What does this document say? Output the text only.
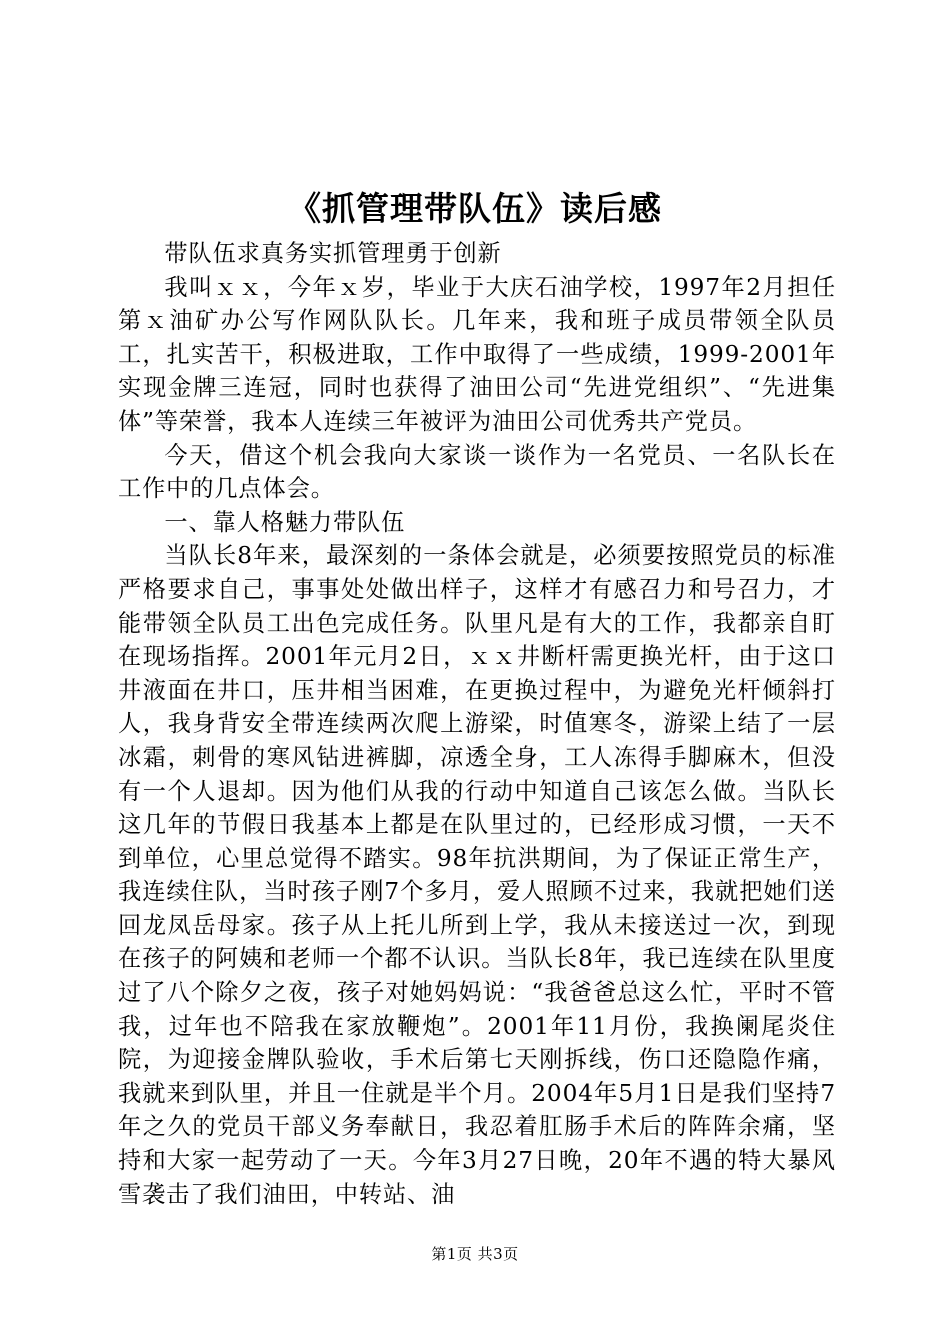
《抓管理带队伍》读后感

带队伍求真务实抓管理勇于创新

我叫ｘｘ，今年ｘ岁，毕业于大庆石油学校，1997年2月担任第ｘ油矿办公写作网队队长。几年来，我和班子成员带领全队员工，扎实苦干，积极进取，工作中取得了一些成绩，1999-2001年实现金牌三连冠，同时也获得了油田公司“先进党组织”、“先进集体”等荣誉，我本人连续三年被评为油田公司优秀共产党员。

今天，借这个机会我向大家谈一谈作为一名党员、一名队长在工作中的几点体会。

一、靠人格魅力带队伍

当队长8年来，最深刻的一条体会就是，必须要按照党员的标准严格要求自己，事事处处做出样子，这样才有感召力和号召力，才能带领全队员工出色完成任务。队里凡是有大的工作，我都亲自盯在现场指挥。2001年元月2日，ｘｘ井断杆需更换光杆，由于这口井液面在井口，压井相当困难，在更换过程中，为避免光杆倾斜打人，我身背安全带连续两次爬上游梁，时值寒冬，游梁上结了一层冰霜，刺骨的寒风钻进裤脚，凉透全身，工人冻得手脚麻木，但没有一个人退却。因为他们从我的行动中知道自己该怎么做。当队长这几年的节假日我基本上都是在队里过的，已经形成习惯，一天不到单位，心里总觉得不踏实。98年抗洪期间，为了保证正常生产，我连续住队，当时孩子刚7个多月，爱人照顾不过来，我就把她们送回龙凤岳母家。孩子从上托儿所到上学，我从未接送过一次，到现在孩子的阿姨和老师一个都不认识。当队长8年，我已连续在队里度过了八个除夕之夜，孩子对她妈妈说：“我爸爸总这么忙，平时不管我，过年也不陪我在家放鞭炮”。2001年11月份，我换阑尾炎住院，为迎接金牌队验收，手术后第七天刚拆线，伤口还隐隐作痛，我就来到队里，并且一住就是半个月。2004年5月1日是我们坚持7年之久的党员干部义务奉献日，我忍着肛肠手术后的阵阵余痛，坚持和大家一起劳动了一天。今年3月27日晚，20年不遇的特大暴风雪袭击了我们油田，中转站、油

第1页 共3页
